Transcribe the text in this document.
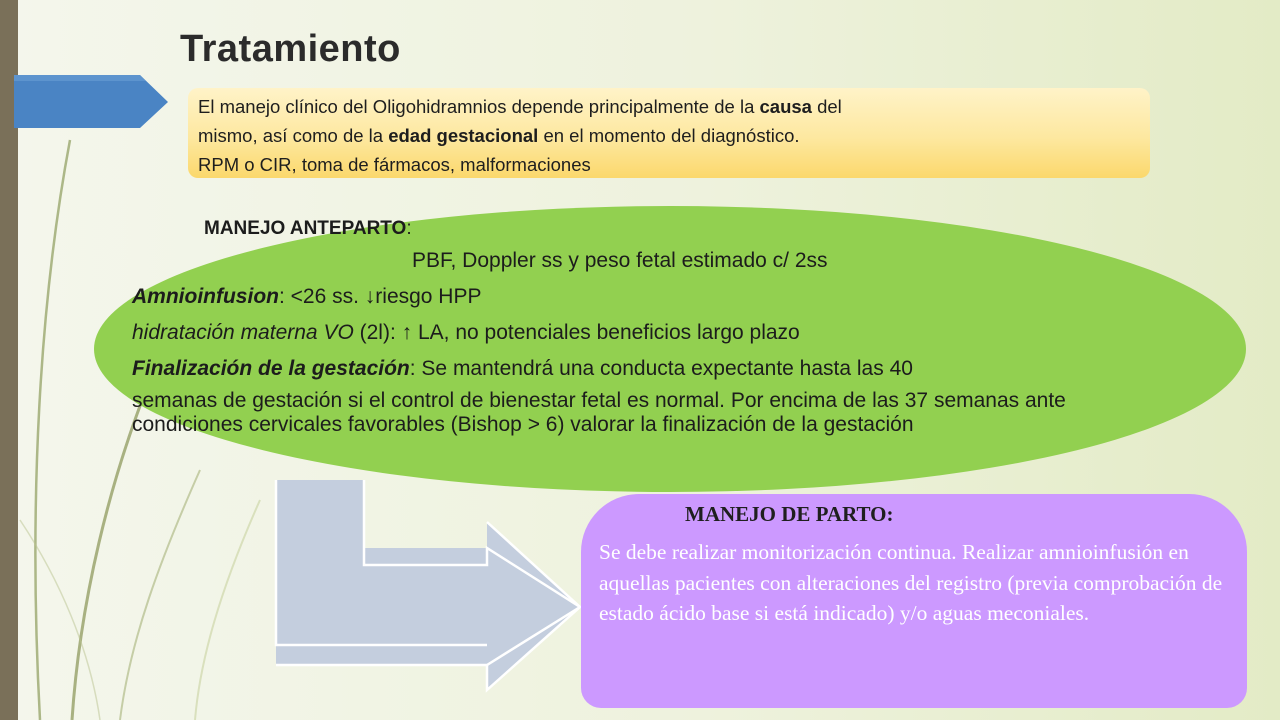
Tratamiento

El manejo clínico del Oligohidramnios depende principalmente de la causa del

mismo, así como de la edad gestacional en el momento del diagnóstico.

RPM o CIR, toma de fármacos, malformaciones

MANEJO ANTEPARTO:

PBF, Doppler ss y peso fetal estimado c/ 2ss

Amnioinfusion: <26 ss. ↓riesgo HPP

hidratación materna VO (2l): ↑ LA, no potenciales beneficios largo plazo

Finalización de la gestación: Se mantendrá una conducta expectante hasta las 40

semanas de gestación si el control de bienestar fetal es normal. Por encima de las 37 semanas ante condiciones cervicales favorables (Bishop > 6) valorar la finalización de la gestación

MANEJO DE PARTO:

Se debe realizar monitorización continua. Realizar amnioinfusión en aquellas pacientes con alteraciones del registro (previa comprobación de estado ácido base si está indicado) y/o aguas meconiales.
